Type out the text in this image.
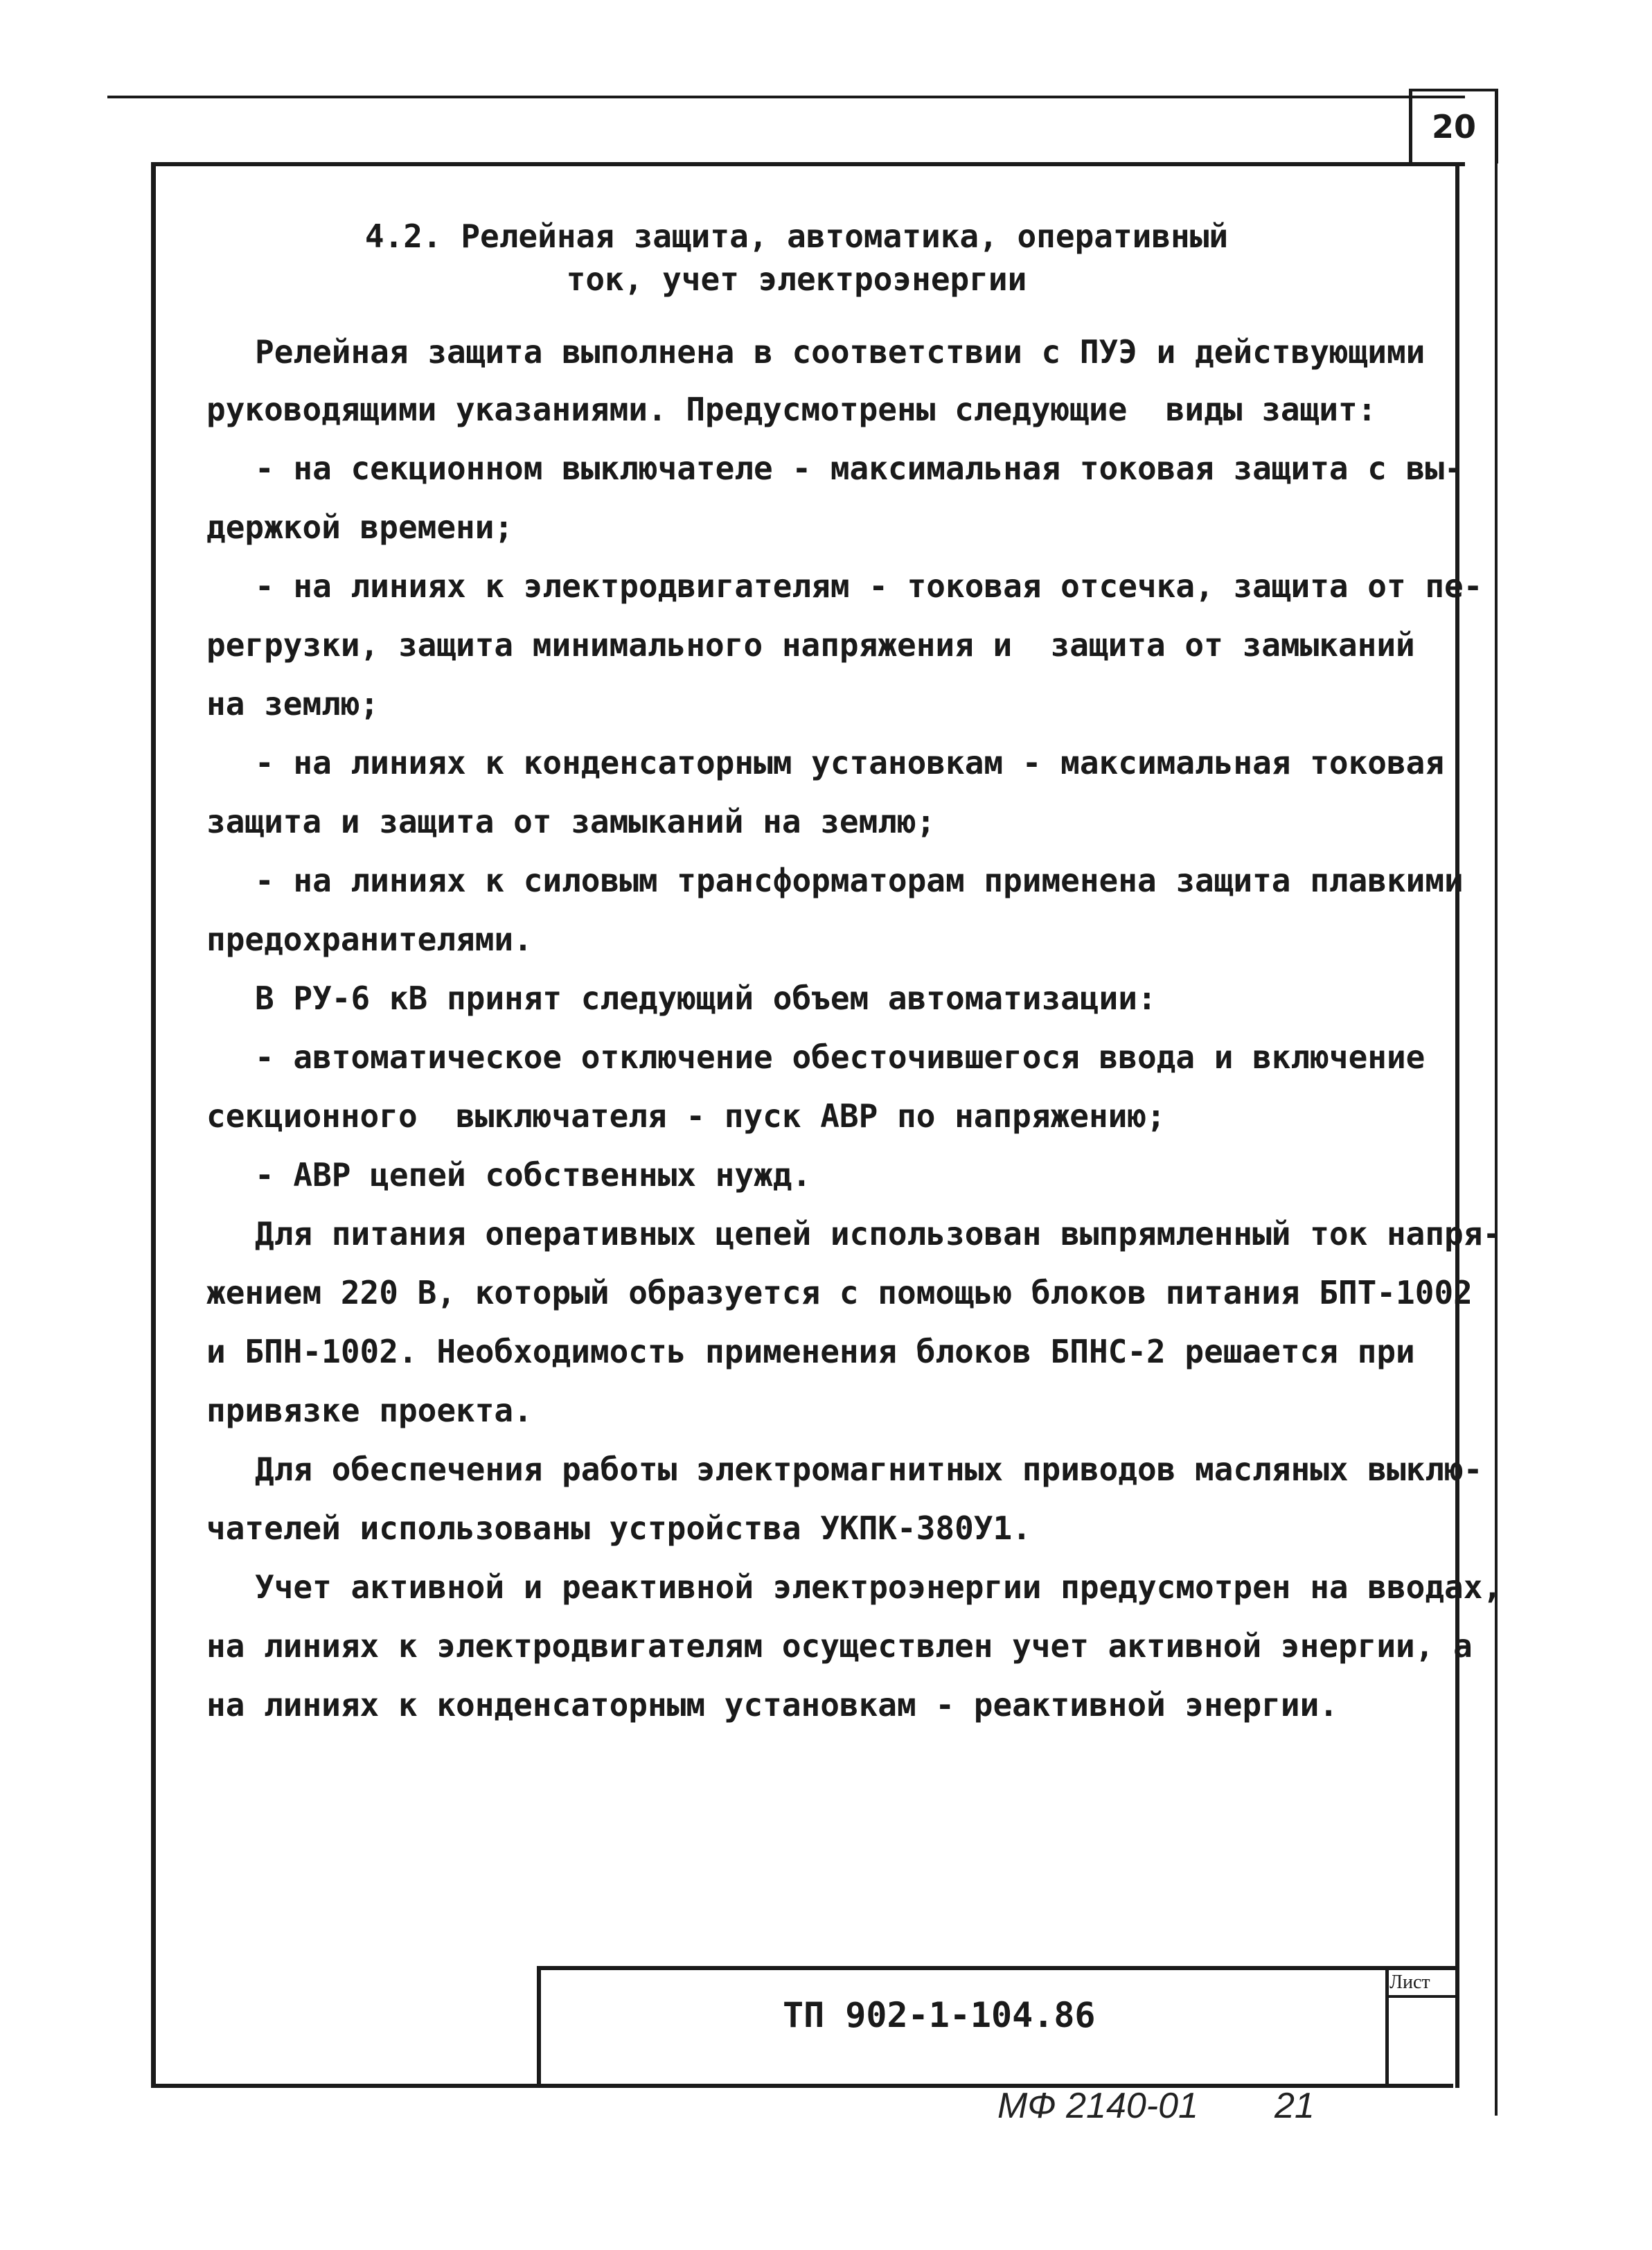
20
4.2. Релейная защита, автоматика, оперативный
ток, учет электроэнергии
Релейная защита выполнена в соответствии с ПУЭ и действующими
руководящими указаниями. Предусмотрены следующие  виды защит:
- на секционном выключателе - максимальная токовая защита с вы-
держкой времени;
- на линиях к электродвигателям - токовая отсечка, защита от пе-
регрузки, защита минимального напряжения и  защита от замыканий
на землю;
- на линиях к конденсаторным установкам - максимальная токовая
защита и защита от замыканий на землю;
- на линиях к силовым трансформаторам применена защита плавкими
предохранителями.
В РУ-6 кВ принят следующий объем автоматизации:
- автоматическое отключение обесточившегося ввода и включение
секционного  выключателя - пуск АВР по напряжению;
- АВР цепей собственных нужд.
Для питания оперативных цепей использован выпрямленный ток напря-
жением 220 В, который образуется с помощью блоков питания БПТ-1002
и БПН-1002. Необходимость применения блоков БПНС-2 решается при
привязке проекта.
Для обеспечения работы электромагнитных приводов масляных выклю-
чателей использованы устройства УКПК-380У1.
Учет активной и реактивной электроэнергии предусмотрен на вводах,
на линиях к электродвигателям осуществлен учет активной энергии, а
на линиях к конденсаторным установкам - реактивной энергии.
ТП 902-1-104.86
Лист
МФ 2140-01 21
